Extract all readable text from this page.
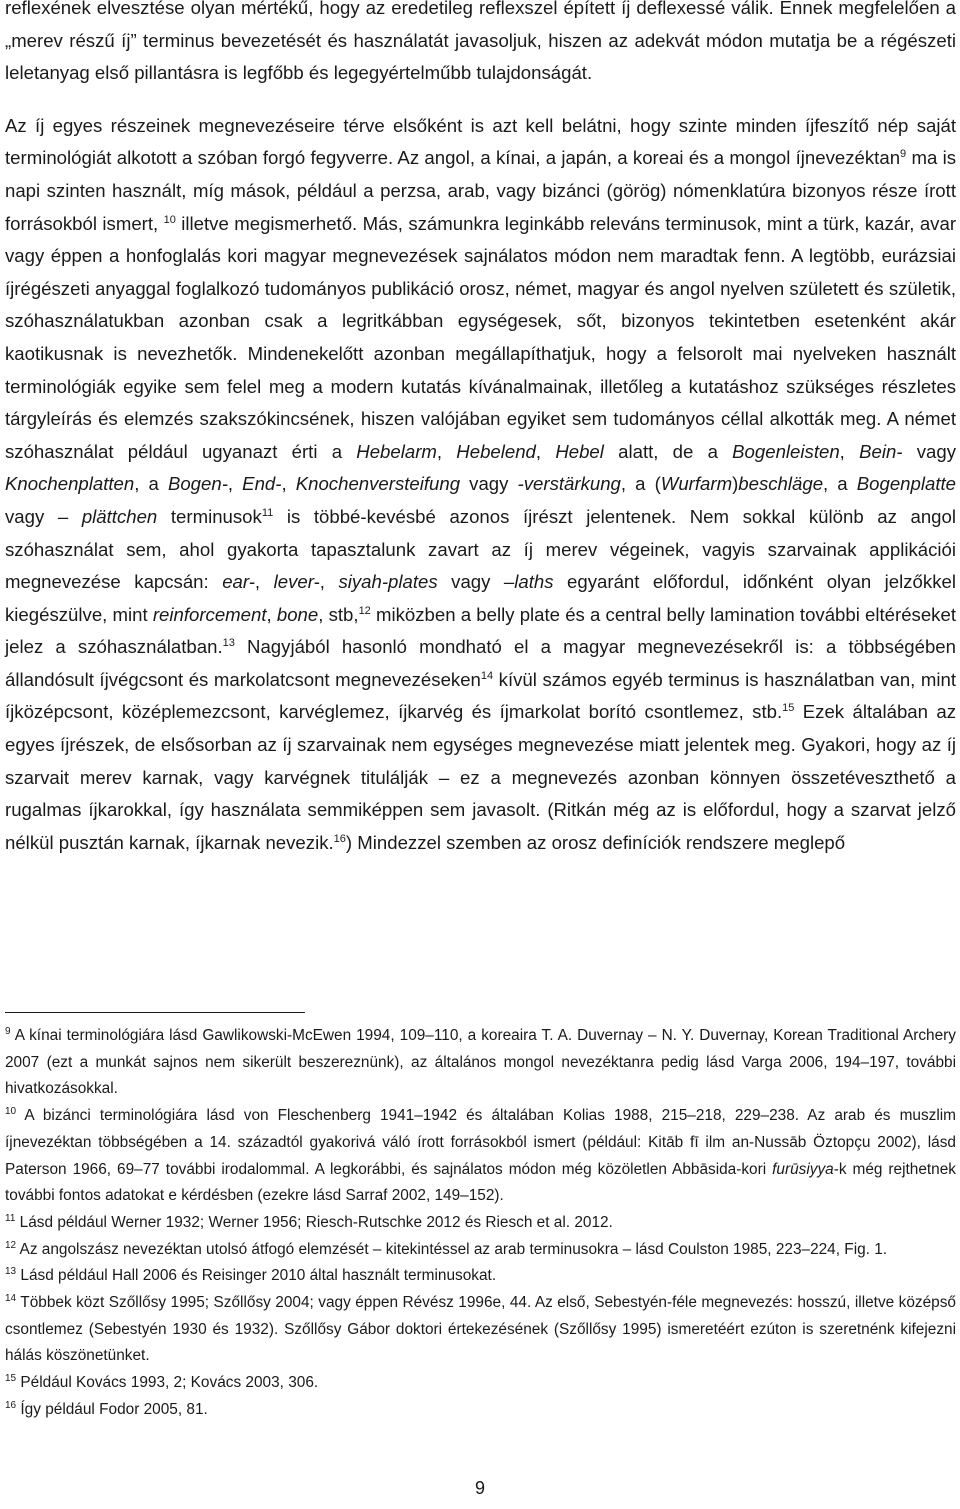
reflexének elvesztése olyan mértékű, hogy az eredetileg reflexszel épített íj deflexessé válik. Ennek megfelelően a „merev részű íj” terminus bevezetését és használatát javasoljuk, hiszen az adekvát módon mutatja be a régészeti leletanyag első pillantásra is legfőbb és legegyértelműbb tulajdonságát.

Az íj egyes részeinek megnevezéseire térve elsőként is azt kell belátni, hogy szinte minden íjfeszítő nép saját terminológiát alkotott a szóban forgó fegyverre. Az angol, a kínai, a japán, a koreai és a mongol íjnevezéktan$^9$ ma is napi szinten használt, míg mások, például a perzsa, arab, vagy bizánci (görög) nómenklatúra bizonyos része írott forrásokból ismert, $^{10}$ illetve megismerhető. Más, számunkra leginkább releváns terminusok, mint a türk, kazár, avar vagy éppen a honfoglalás kori magyar megnevezések sajnálatos módon nem maradtak fenn. A legtöbb, eurázsiai íjrégészeti anyaggal foglalkozó tudományos publikáció orosz, német, magyar és angol nyelven született és születik, szóhasználatukban azonban csak a legritkábban egységesek, sőt, bizonyos tekintetben esetenként akár kaotikusnak is nevezhetők. Mindenekelőtt azonban megállapíthatjuk, hogy a felsorolt mai nyelveken használt terminológiák egyike sem felel meg a modern kutatás kívánalmainak, illetőleg a kutatáshoz szükséges részletes tárgyleírás és elemzés szakszókincsének, hiszen valójában egyiket sem tudományos céllal alkották meg. A német szóhasználat például ugyanazt érti a Hebelarm, Hebelend, Hebel alatt, de a Bogenleisten, Bein- vagy Knochenplatten, a Bogen-, End-, Knochenversteifung vagy -verstärkung, a (Wurfarm)beschläge, a Bogenplatte vagy – plättchen terminusok$^{11}$ is többé-kevésbé azonos íjrészt jelentenek. Nem sokkal különb az angol szóhasználat sem, ahol gyakorta tapasztalunk zavart az íj merev végeinek, vagyis szarvainak applikációi megnevezése kapcsán: ear-, lever-, siyah-plates vagy –laths egyaránt előfordul, időnként olyan jelzőkkel kiegészülve, mint reinforcement, bone, stb,$^{12}$ miközben a belly plate és a central belly lamination további eltéréseket jelez a szóhasználatban.$^{13}$ Nagyjából hasonló mondható el a magyar megnevezésekről is: a többségében állandósult íjvégcsont és markolatcsont megnevezéseken$^{14}$ kívül számos egyéb terminus is használatban van, mint íjközépcsont, középlemezcsont, karvéglemez, íjkarvég és íjmarkolat borító csontlemez, stb.$^{15}$ Ezek általában az egyes íjrészek, de elsősorban az íj szarvainak nem egységes megnevezése miatt jelentek meg. Gyakori, hogy az íj szarvait merev karnak, vagy karvégnek titulálják – ez a megnevezés azonban könnyen összetéveszthető a rugalmas íjkarokkal, így használata semmiképpen sem javasolt. (Ritkán még az is előfordul, hogy a szarvat jelző nélkül pusztán karnak, íjkarnak nevezik.$^{16}$) Mindezzel szemben az orosz definíciók rendszere meglepő

$^9$ A kínai terminológiára lásd Gawlikowski-McEwen 1994, 109–110, a koreaira T. A. Duvernay – N. Y. Duvernay, Korean Traditional Archery 2007 (ezt a munkát sajnos nem sikerült beszereznünk), az általános mongol nevezéktanra pedig lásd Varga 2006, 194–197, további hivatkozásokkal.

$^{10}$ A bizánci terminológiára lásd von Fleschenberg 1941–1942 és általában Kolias 1988, 215–218, 229–238. Az arab és muszlim íjnevezéktan többségében a 14. századtól gyakorivá váló írott forrásokból ismert (például: Kitāb fī ilm an-Nussāb Öztopçu 2002), lásd Paterson 1966, 69–77 további irodalommal. A legkorábbi, és sajnálatos módon még közöletlen Abbāsida-kori furūsiyya-k még rejthetnek további fontos adatokat e kérdésben (ezekre lásd Sarraf 2002, 149–152).

$^{11}$ Lásd például Werner 1932; Werner 1956; Riesch-Rutschke 2012 és Riesch et al. 2012.

$^{12}$ Az angolszász nevezéktan utolsó átfogó elemzését – kitekintéssel az arab terminusokra – lásd Coulston 1985, 223–224, Fig. 1.

$^{13}$ Lásd például Hall 2006 és Reisinger 2010 által használt terminusokat.

$^{14}$ Többek közt Szőllősy 1995; Szőllősy 2004; vagy éppen Révész 1996e, 44. Az első, Sebestyén-féle megnevezés: hosszú, illetve középső csontlemez (Sebestyén 1930 és 1932). Szőllősy Gábor doktori értekezésének (Szőllősy 1995) ismeretéért ezúton is szeretnénk kifejezni hálás köszönetünket.

$^{15}$ Például Kovács 1993, 2; Kovács 2003, 306.

$^{16}$ Így például Fodor 2005, 81.

9
